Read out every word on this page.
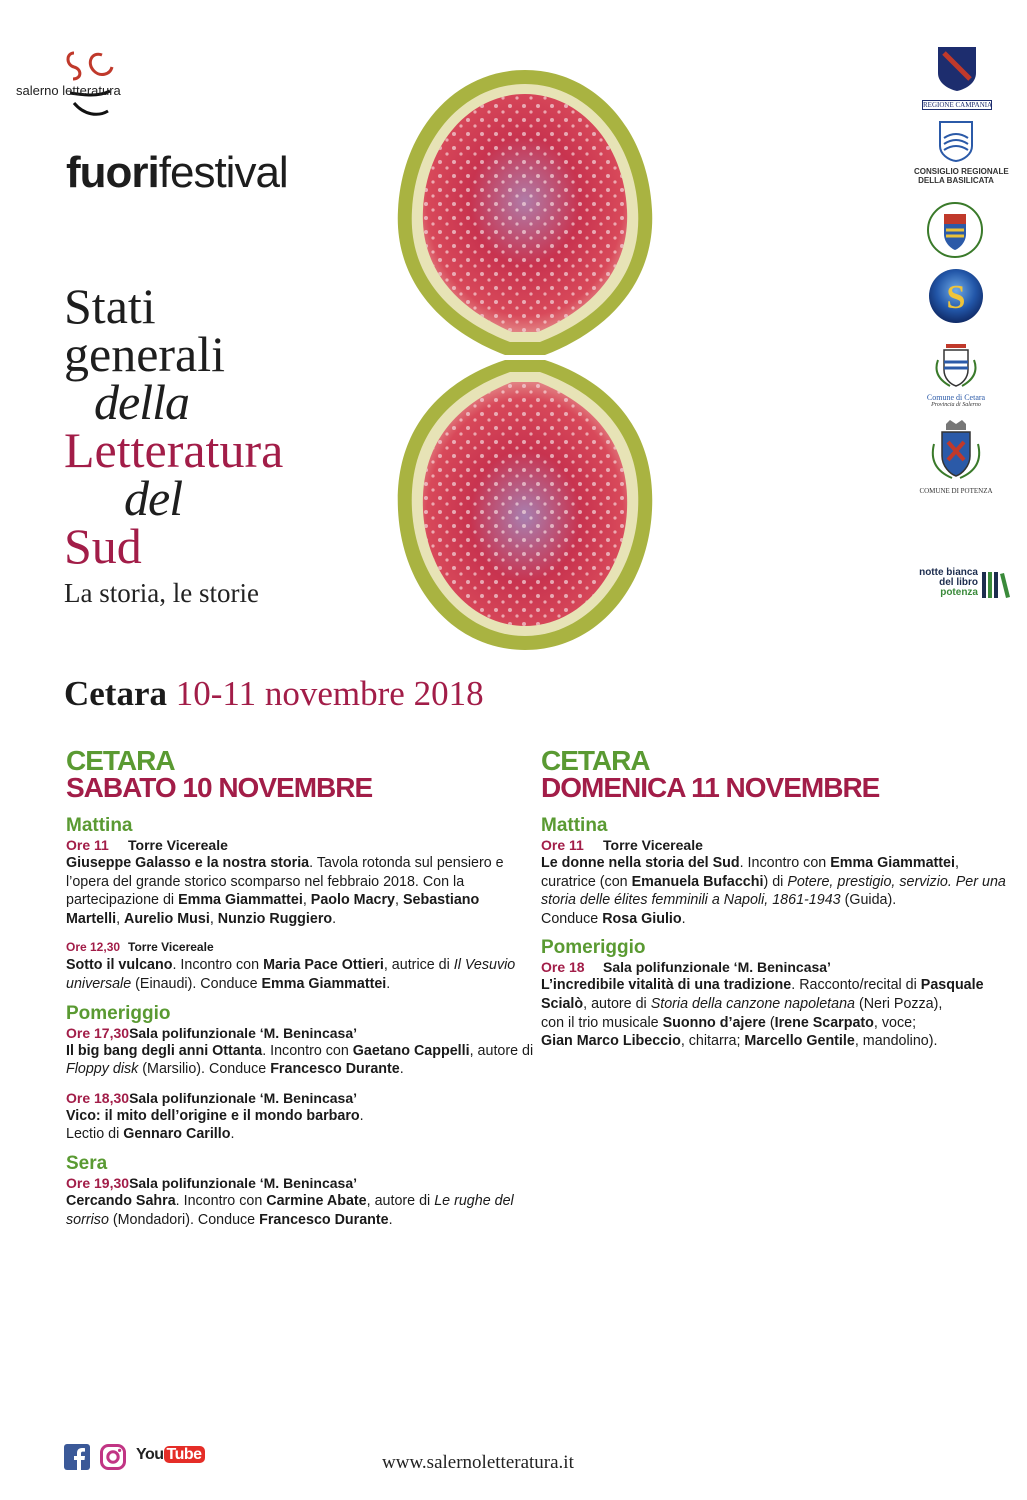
salerno letteratura
fuorifestival
Stati
generali
della
Letteratura
del
Sud
La storia, le storie
REGIONE CAMPANIA
CONSIGLIO REGIONALE
DELLA BASILICATA
S
Comune di Cetara
Provincia di Salerno
COMUNE DI POTENZA
notte bianca
del libro
potenza
Cetara 10-11 novembre 2018
CETARA
SABATO 10 NOVEMBRE
Mattina
Ore 11 Torre Vicereale
Giuseppe Galasso e la nostra storia. Tavola rotonda sul pensiero e l’opera del grande storico scomparso nel febbraio 2018. Con la partecipazione di Emma Giammattei, Paolo Macry, Sebastiano Martelli, Aurelio Musi, Nunzio Ruggiero.
Ore 12,30 Torre Vicereale
Sotto il vulcano. Incontro con Maria Pace Ottieri, autrice di Il Vesuvio universale (Einaudi). Conduce Emma Giammattei.
Pomeriggio
Ore 17,30Sala polifunzionale ‘M. Benincasa’
Il big bang degli anni Ottanta. Incontro con Gaetano Cappelli, autore di Floppy disk (Marsilio). Conduce Francesco Durante.
Ore 18,30Sala polifunzionale ‘M. Benincasa’
Vico: il mito dell’origine e il mondo barbaro.
Lectio di Gennaro Carillo.
Sera
Ore 19,30Sala polifunzionale ‘M. Benincasa’
Cercando Sahra. Incontro con Carmine Abate, autore di Le rughe del sorriso (Mondadori). Conduce Francesco Durante.
CETARA
DOMENICA 11 NOVEMBRE
Mattina
Ore 11 Torre Vicereale
Le donne nella storia del Sud. Incontro con Emma Giammattei, curatrice (con Emanuela Bufacchi) di Potere, prestigio, servizio. Per una storia delle élites femminili a Napoli, 1861-1943 (Guida).
Conduce Rosa Giulio.
Pomeriggio
Ore 18 Sala polifunzionale ‘M. Benincasa’
L’incredibile vitalità di una tradizione. Racconto/recital di Pasquale Scialò, autore di Storia della canzone napoletana (Neri Pozza),
con il trio musicale Suonno d’ajere (Irene Scarpato, voce;
Gian Marco Libeccio, chitarra; Marcello Gentile, mandolino).
You Tube	www.salernoletteratura.it
